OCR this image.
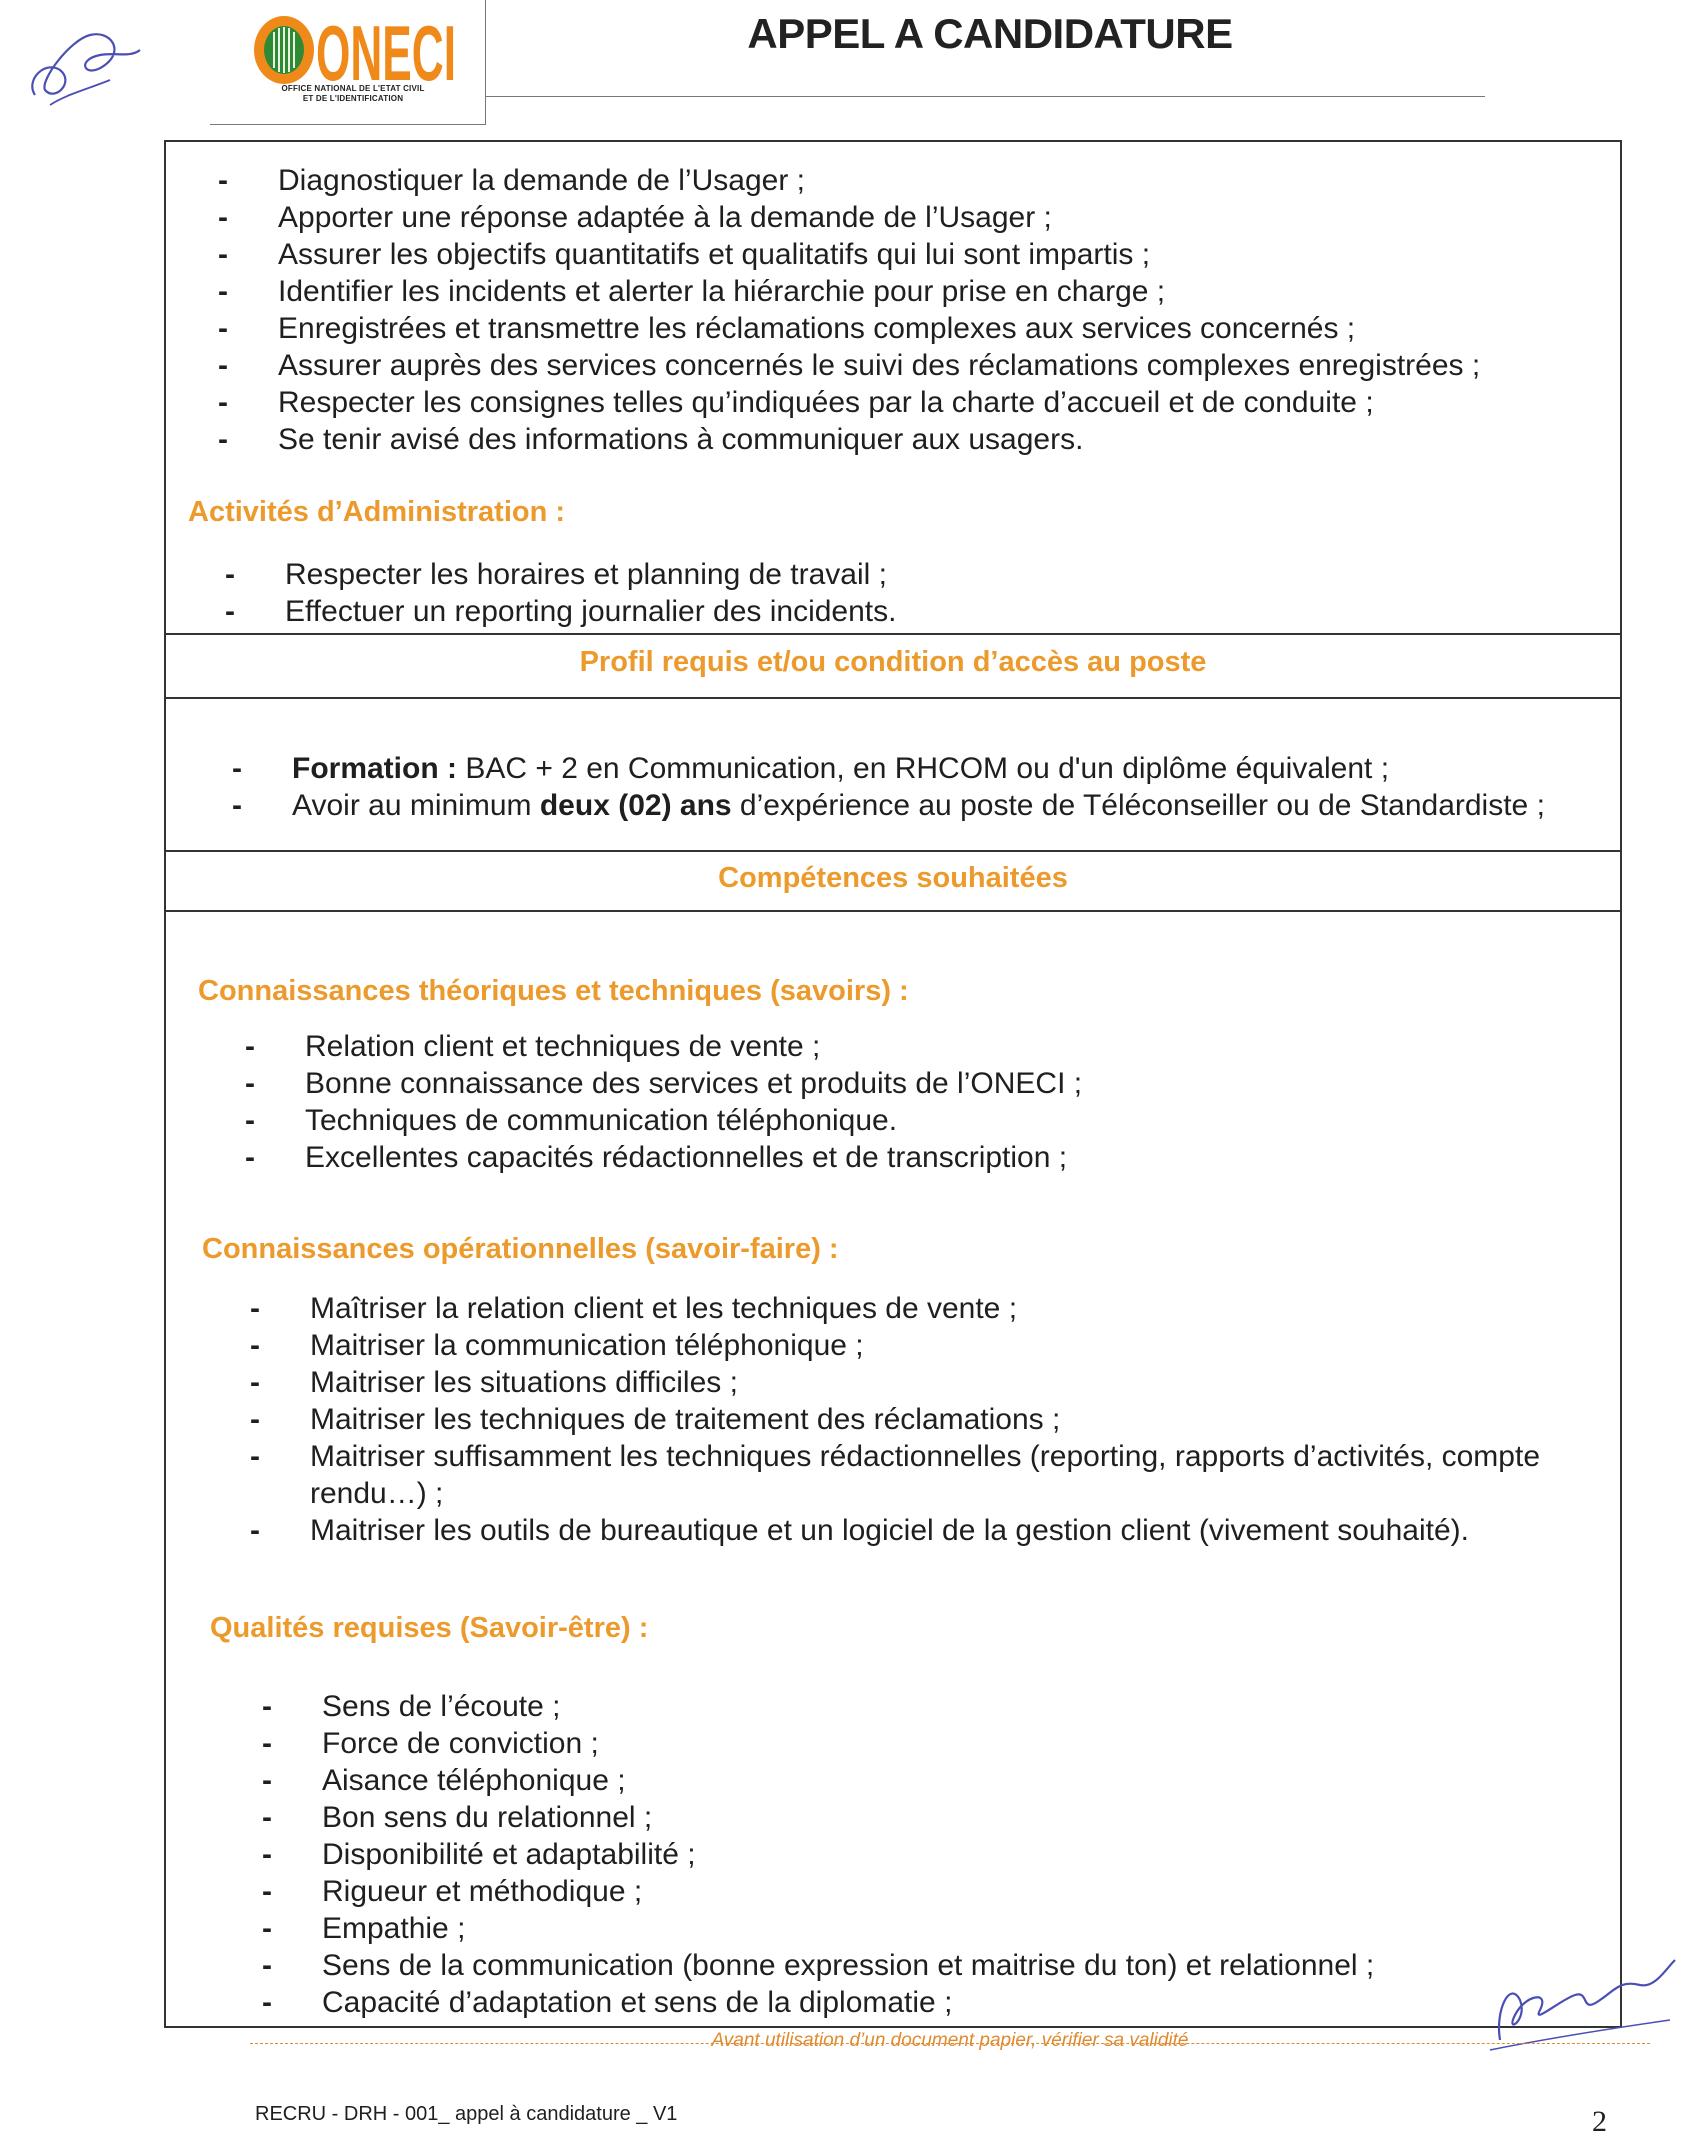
ONECI
OFFICE NATIONAL DE L'ETAT CIVIL
ET DE L'IDENTIFICATION
APPEL A CANDIDATURE
- Diagnostiquer la demande de l’Usager ;
- Apporter une réponse adaptée à la demande de l’Usager ;
- Assurer les objectifs quantitatifs et qualitatifs qui lui sont impartis ;
- Identifier les incidents et alerter la hiérarchie pour prise en charge ;
- Enregistrées et transmettre les réclamations complexes aux services concernés ;
- Assurer auprès des services concernés le suivi des réclamations complexes enregistrées ;
- Respecter les consignes telles qu’indiquées par la charte d’accueil et de conduite ;
- Se tenir avisé des informations à communiquer aux usagers.
Activités d’Administration :
- Respecter les horaires et planning de travail ;
- Effectuer un reporting journalier des incidents.
Profil requis et/ou condition d’accès au poste
- Formation : BAC + 2 en Communication, en RHCOM ou d'un diplôme équivalent ;
- Avoir au minimum deux (02) ans d’expérience au poste de Téléconseiller ou de Standardiste ;
Compétences souhaitées
Connaissances théoriques et techniques (savoirs) :
- Relation client et techniques de vente ;
- Bonne connaissance des services et produits de l’ONECI ;
- Techniques de communication téléphonique.
- Excellentes capacités rédactionnelles et de transcription ;
Connaissances opérationnelles (savoir-faire) :
- Maîtriser la relation client et les techniques de vente ;
- Maitriser la communication téléphonique ;
- Maitriser les situations difficiles ;
- Maitriser les techniques de traitement des réclamations ;
- Maitriser suffisamment les techniques rédactionnelles (reporting, rapports d’activités, compte rendu…) ;
- Maitriser les outils de bureautique et un logiciel de la gestion client (vivement souhaité).
Qualités requises (Savoir-être) :
- Sens de l’écoute ;
- Force de conviction ;
- Aisance téléphonique ;
- Bon sens du relationnel ;
- Disponibilité et adaptabilité ;
- Rigueur et méthodique ;
- Empathie ;
- Sens de la communication (bonne expression et maitrise du ton) et relationnel ;
- Capacité d’adaptation et sens de la diplomatie ;
Avant utilisation d’un document papier, vérifier sa validité
RECRU - DRH - 001_ appel à candidature _ V1	2
